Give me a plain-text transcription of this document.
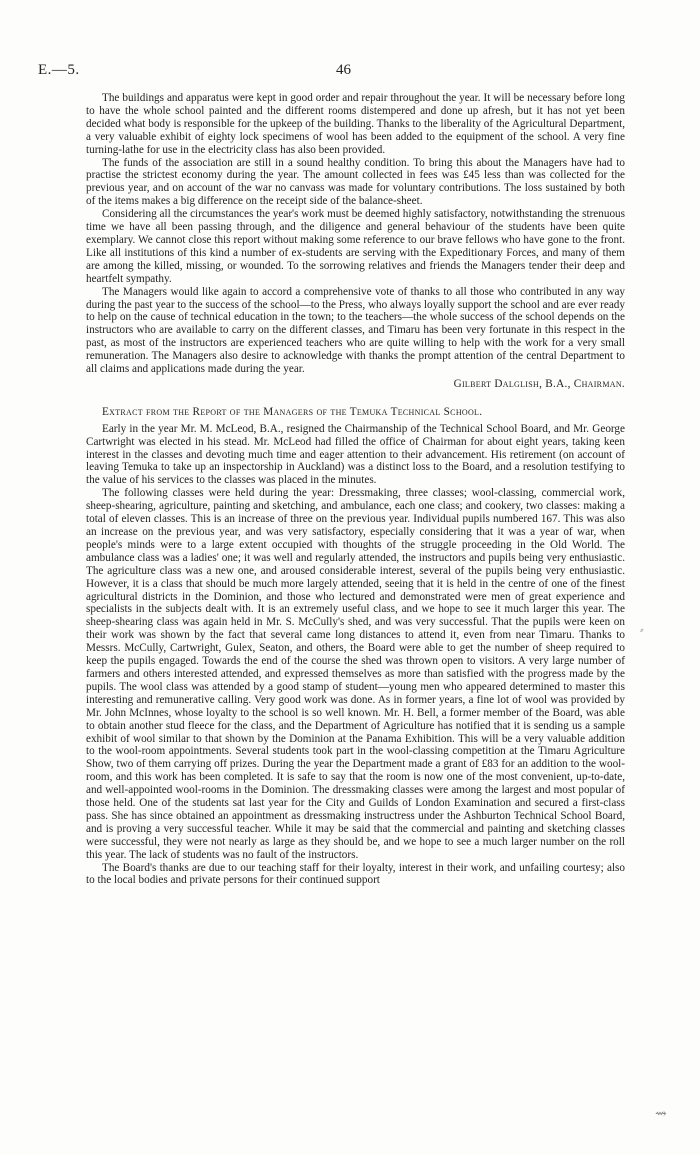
E.—5.	46

The buildings and apparatus were kept in good order and repair throughout the year. It will be necessary before long to have the whole school painted and the different rooms distempered and done up afresh, but it has not yet been decided what body is responsible for the upkeep of the building. Thanks to the liberality of the Agricultural Department, a very valuable exhibit of eighty lock specimens of wool has been added to the equipment of the school. A very fine turning-lathe for use in the electricity class has also been provided.

The funds of the association are still in a sound healthy condition. To bring this about the Managers have had to practise the strictest economy during the year. The amount collected in fees was £45 less than was collected for the previous year, and on account of the war no canvass was made for voluntary contributions. The loss sustained by both of the items makes a big difference on the receipt side of the balance-sheet.

Considering all the circumstances the year's work must be deemed highly satisfactory, notwithstanding the strenuous time we have all been passing through, and the diligence and general behaviour of the students have been quite exemplary. We cannot close this report without making some reference to our brave fellows who have gone to the front. Like all institutions of this kind a number of ex-students are serving with the Expeditionary Forces, and many of them are among the killed, missing, or wounded. To the sorrowing relatives and friends the Managers tender their deep and heartfelt sympathy.

The Managers would like again to accord a comprehensive vote of thanks to all those who contributed in any way during the past year to the success of the school—to the Press, who always loyally support the school and are ever ready to help on the cause of technical education in the town; to the teachers—the whole success of the school depends on the instructors who are available to carry on the different classes, and Timaru has been very fortunate in this respect in the past, as most of the instructors are experienced teachers who are quite willing to help with the work for a very small remuneration. The Managers also desire to acknowledge with thanks the prompt attention of the central Department to all claims and applications made during the year.

Gilbert Dalglish, B.A., Chairman.

Extract from the Report of the Managers of the Temuka Technical School.

Early in the year Mr. M. McLeod, B.A., resigned the Chairmanship of the Technical School Board, and Mr. George Cartwright was elected in his stead. Mr. McLeod had filled the office of Chairman for about eight years, taking keen interest in the classes and devoting much time and eager attention to their advancement. His retirement (on account of leaving Temuka to take up an inspectorship in Auckland) was a distinct loss to the Board, and a resolution testifying to the value of his services to the classes was placed in the minutes.

The following classes were held during the year: Dressmaking, three classes; wool-classing, commercial work, sheep-shearing, agriculture, painting and sketching, and ambulance, each one class; and cookery, two classes: making a total of eleven classes. This is an increase of three on the previous year. Individual pupils numbered 167. This was also an increase on the previous year, and was very satisfactory, especially considering that it was a year of war, when people's minds were to a large extent occupied with thoughts of the struggle proceeding in the Old World. The ambulance class was a ladies' one; it was well and regularly attended, the instructors and pupils being very enthusiastic. The agriculture class was a new one, and aroused considerable interest, several of the pupils being very enthusiastic. However, it is a class that should be much more largely attended, seeing that it is held in the centre of one of the finest agricultural districts in the Dominion, and those who lectured and demonstrated were men of great experience and specialists in the subjects dealt with. It is an extremely useful class, and we hope to see it much larger this year. The sheep-shearing class was again held in Mr. S. McCully's shed, and was very successful. That the pupils were keen on their work was shown by the fact that several came long distances to attend it, even from near Timaru. Thanks to Messrs. McCully, Cartwright, Gulex, Seaton, and others, the Board were able to get the number of sheep required to keep the pupils engaged. Towards the end of the course the shed was thrown open to visitors. A very large number of farmers and others interested attended, and expressed themselves as more than satisfied with the progress made by the pupils. The wool class was attended by a good stamp of student—young men who appeared determined to master this interesting and remunerative calling. Very good work was done. As in former years, a fine lot of wool was provided by Mr. John McInnes, whose loyalty to the school is so well known. Mr. H. Bell, a former member of the Board, was able to obtain another stud fleece for the class, and the Department of Agriculture has notified that it is sending us a sample exhibit of wool similar to that shown by the Dominion at the Panama Exhibition. This will be a very valuable addition to the wool-room appointments. Several students took part in the wool-classing competition at the Timaru Agriculture Show, two of them carrying off prizes. During the year the Department made a grant of £83 for an addition to the wool-room, and this work has been completed. It is safe to say that the room is now one of the most convenient, up-to-date, and well-appointed wool-rooms in the Dominion. The dressmaking classes were among the largest and most popular of those held. One of the students sat last year for the City and Guilds of London Examination and secured a first-class pass. She has since obtained an appointment as dressmaking instructress under the Ashburton Technical School Board, and is proving a very successful teacher. While it may be said that the commercial and painting and sketching classes were successful, they were not nearly as large as they should be, and we hope to see a much larger number on the roll this year. The lack of students was no fault of the instructors.

The Board's thanks are due to our teaching staff for their loyalty, interest in their work, and unfailing courtesy; also to the local bodies and private persons for their continued support

⸗
⇝
